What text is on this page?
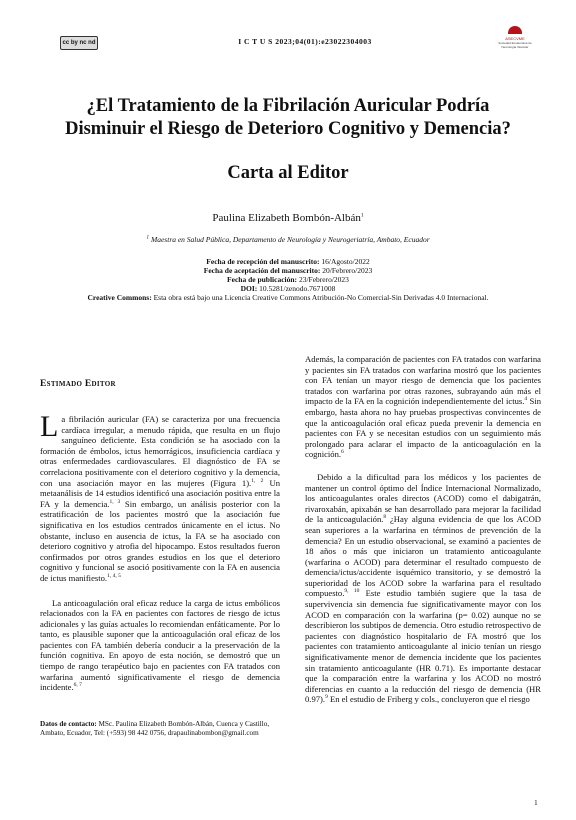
cc by nc nd	I C T U S 2023;04(01):e23022304003	ASECVME
Sociedad Ecuatoriana de Neurología Vascular
¿El Tratamiento de la Fibrilación Auricular Podría
Disminuir el Riesgo de Deterioro Cognitivo y Demencia?
Carta al Editor
Paulina Elizabeth Bombón-Albán$^1$
$^1$ Maestra en Salud Pública, Departamento de Neurología y Neurogeriatría, Ambato, Ecuador
Fecha de recepción del manuscrito: 16/Agosto/2022
Fecha de aceptación del manuscrito: 20/Febrero/2023
Fecha de publicación: 23/Febrero/2023
DOI: 10.5281/zenodo.7671008
Creative Commons: Esta obra está bajo una Licencia Creative Commons Atribución-No Comercial-Sin Derivadas 4.0 Internacional.
Estimado Editor

La fibrilación auricular (FA) se caracteriza por una frecuencia cardíaca irregular, a menudo rápida, que resulta en un flujo sanguíneo deficiente. Esta condición se ha asociado con la formación de émbolos, ictus hemorrágicos, insuficiencia cardíaca y otras enfermedades cardiovasculares. El diagnóstico de FA se correlaciona positivamente con el deterioro cognitivo y la demencia, con una asociación mayor en las mujeres (Figura 1).$^{1, 2}$ Un metaanálisis de 14 estudios identificó una asociación positiva entre la FA y la demencia.$^{1, 3}$ Sin embargo, un análisis posterior con la estratificación de los pacientes mostró que la asociación fue significativa en los estudios centrados únicamente en el ictus. No obstante, incluso en ausencia de ictus, la FA se ha asociado con deterioro cognitivo y atrofia del hipocampo. Estos resultados fueron confirmados por otros grandes estudios en los que el deterioro cognitivo y funcional se asoció positivamente con la FA en ausencia de ictus manifiesto.$^{1, 4, 5}$

La anticoagulación oral eficaz reduce la carga de ictus embólicos relacionados con la FA en pacientes con factores de riesgo de ictus adicionales y las guías actuales lo recomiendan enfáticamente. Por lo tanto, es plausible suponer que la anticoagulación oral eficaz de los pacientes con FA también debería conducir a la preservación de la función cognitiva. En apoyo de esta noción, se demostró que un tiempo de rango terapéutico bajo en pacientes con FA tratados con warfarina aumentó significativamente el riesgo de demencia incidente.$^{6, 7}$

Datos de contacto: MSc. Paulina Elizabeth Bombón-Albán, Cuenca y Castillo, Ambato, Ecuador, Tel: (+593) 98 442 0756, drapaulinabombon@gmail.com

Además, la comparación de pacientes con FA tratados con warfarina y pacientes sin FA tratados con warfarina mostró que los pacientes con FA tenían un mayor riesgo de demencia que los pacientes tratados con warfarina por otras razones, subrayando aún más el impacto de la FA en la cognición independientemente del ictus.$^4$ Sin embargo, hasta ahora no hay pruebas prospectivas convincentes de que la anticoagulación oral eficaz pueda prevenir la demencia en pacientes con FA y se necesitan estudios con un seguimiento más prolongado para aclarar el impacto de la anticoagulación en la cognición.$^6$

Debido a la dificultad para los médicos y los pacientes de mantener un control óptimo del Índice Internacional Normalizado, los anticoagulantes orales directos (ACOD) como el dabigatrán, rivaroxabán, apixabán se han desarrollado para mejorar la facilidad de la anticoagulación.$^8$ ¿Hay alguna evidencia de que los ACOD sean superiores a la warfarina en términos de prevención de la demencia? En un estudio observacional, se examinó a pacientes de 18 años o más que iniciaron un tratamiento anticoagulante (warfarina o ACOD) para determinar el resultado compuesto de demencia/ictus/accidente isquémico transitorio, y se demostró la superioridad de los ACOD sobre la warfarina para el resultado compuesto.$^{9, 10}$ Este estudio también sugiere que la tasa de supervivencia sin demencia fue significativamente mayor con los ACOD en comparación con la warfarina (p= 0.02) aunque no se describieron los subtipos de demencia. Otro estudio retrospectivo de pacientes con diagnóstico hospitalario de FA mostró que los pacientes con tratamiento anticoagulante al inicio tenían un riesgo significativamente menor de demencia incidente que los pacientes sin tratamiento anticoagulante (HR 0.71). Es importante destacar que la comparación entre la warfarina y los ACOD no mostró diferencias en cuanto a la reducción del riesgo de demencia (HR 0.97).$^9$ En el estudio de Friberg y cols., concluyeron que el riesgo

1
